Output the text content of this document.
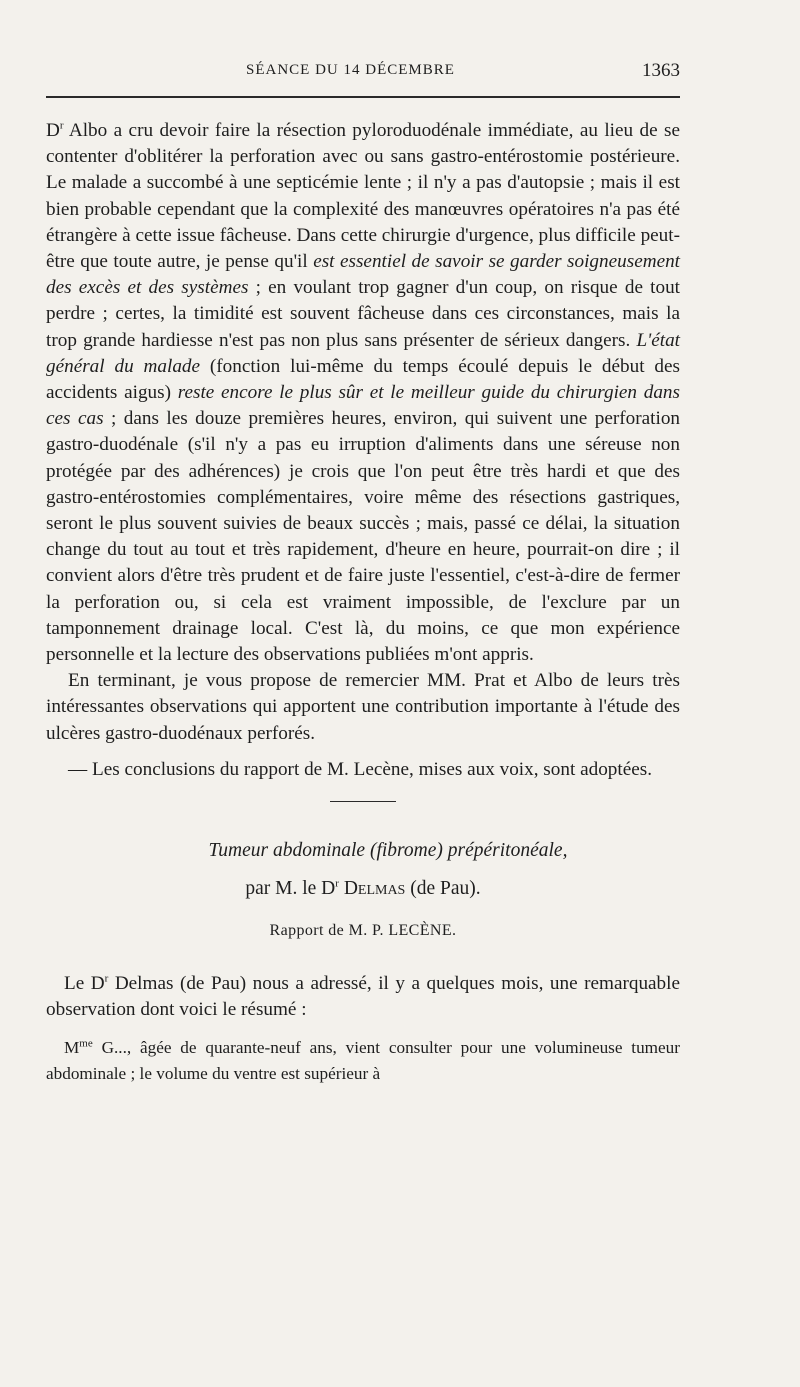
SÉANCE DU 14 DÉCEMBRE	1363

$D^r$ Albo a cru devoir faire la résection pyloroduodénale immédiate, au lieu de se contenter d'oblitérer la perforation avec ou sans gastro-entérostomie postérieure. Le malade a succombé à une septicémie lente ; il n'y a pas d'autopsie ; mais il est bien probable cependant que la complexité des manœuvres opératoires n'a pas été étrangère à cette issue fâcheuse. Dans cette chirurgie d'urgence, plus difficile peut-être que toute autre, je pense qu'il est essentiel de savoir se garder soigneusement des excès et des systèmes ; en voulant trop gagner d'un coup, on risque de tout perdre ; certes, la timidité est souvent fâcheuse dans ces circonstances, mais la trop grande hardiesse n'est pas non plus sans présenter de sérieux dangers. L'état général du malade (fonction lui-même du temps écoulé depuis le début des accidents aigus) reste encore le plus sûr et le meilleur guide du chirurgien dans ces cas ; dans les douze premières heures, environ, qui suivent une perforation gastro-duodénale (s'il n'y a pas eu irruption d'aliments dans une séreuse non protégée par des adhérences) je crois que l'on peut être très hardi et que des gastro-entérostomies complémentaires, voire même des résections gastriques, seront le plus souvent suivies de beaux succès ; mais, passé ce délai, la situation change du tout au tout et très rapidement, d'heure en heure, pourrait-on dire ; il convient alors d'être très prudent et de faire juste l'essentiel, c'est-à-dire de fermer la perforation ou, si cela est vraiment impossible, de l'exclure par un tamponnement drainage local. C'est là, du moins, ce que mon expérience personnelle et la lecture des observations publiées m'ont appris.

En terminant, je vous propose de remercier MM. Prat et Albo de leurs très intéressantes observations qui apportent une contribution importante à l'étude des ulcères gastro-duodénaux perforés.

— Les conclusions du rapport de M. Lecène, mises aux voix, sont adoptées.

Tumeur abdominale (fibrome) prépéritonéale,
par M. le $D^r$ Delmas (de Pau).
Rapport de M. P. LECÈNE.

Le $D^r$ Delmas (de Pau) nous a adressé, il y a quelques mois, une remarquable observation dont voici le résumé :

$M^{me}$ G..., âgée de quarante-neuf ans, vient consulter pour une volumineuse tumeur abdominale ; le volume du ventre est supérieur à
